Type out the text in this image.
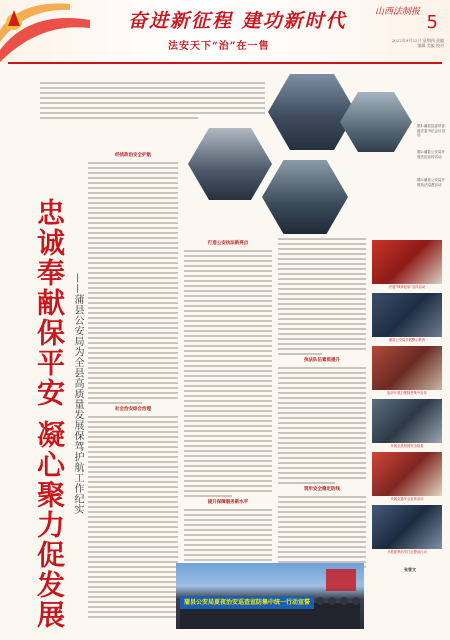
奋进新征程 建功新时代
法安天下“治”在一售
山西法制报 5
2022年9月22日 星期四 责编 编辑 美编 校对
图1:蒲县县委常委政法委书记会议讲话
图2:蒲县公安局开展法治宣传活动
图3:蒲县公安局开展执法巡逻活动
忠诚奉献保平安 凝心聚力促发展 ——蒲县公安局为全县高质量发展保驾护航工作纪实
经侦政治安全护航
社会治安综合治理
打造公安执法新亮点
提升保障服务新水平
执法队伍素质提升
筑牢安全稳定防线
张晋文
开展“枫桥经验”宣传活动
蒲县公安局开展警示教育
组织开展扫黑除恶集中宣传
开展全县校园安全检查
开展交通安全宣传活动
开展夏季治安打击整治行动
蒲县公安局夏夜治安巡查宣防集中统一行动宣誓
